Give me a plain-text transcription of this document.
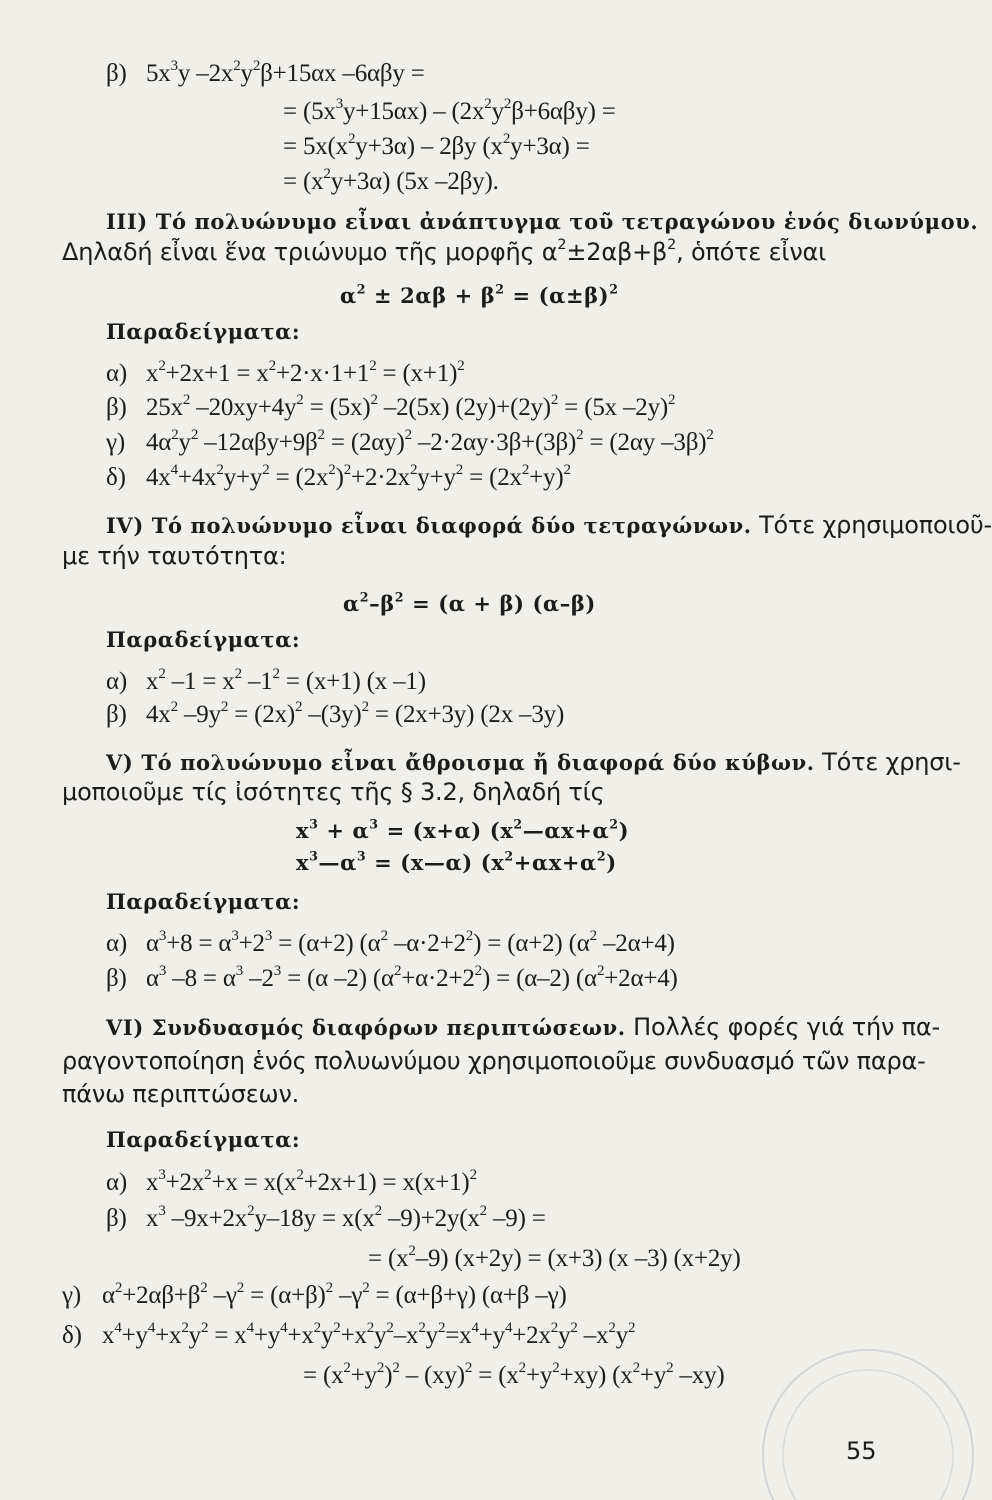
β) $5x^3y$ $-2x^2y^2\beta+15\alpha x$ –6αβy =
= $(5x^3y+15\alpha x) - (2x^2y^2\beta+6\alpha\beta y)$ =
= $5x(x^2y+3\alpha) - 2\beta y$ $(x^2y+3\alpha)$ =
= $(x^2y+3\alpha)$ (5x –2βy).
III) Τό πολυώνυμο εἶναι ἀνάπτυγμα τοῦ τετραγώνου ἑνός διωνύμου.
Δηλαδή εἶναι ἕνα τριώνυμο τῆς μορφῆς $\alpha^2\pm 2\alpha\beta+\beta^2$, ὁπότε εἶναι
$\alpha^2 \pm 2\alpha\beta + \beta^2 = (\alpha\pm\beta)^2$
Παραδείγματα:
α) $x^2+2x+1 = x^2+2\cdot x\cdot 1+1^2 = (x+1)^2$
β) $25x^2$ $-20xy+4y^2 = (5x)^2$ –2(5x) $(2y)+(2y)^2 = (5x$ –2y)$^2$
γ) $4\alpha^2y^2$ $-12\alpha\beta y+9\beta^2 = (2\alpha y)^2$ $-2\cdot 2\alpha y\cdot 3\beta+(3\beta)^2 = (2\alpha y$ –3β)$^2$
δ) $4x^4+4x^2y+y^2 = (2x^2)^2+2\cdot 2x^2y+y^2 = (2x^2+y)^2$
IV) Τό πολυώνυμο εἶναι διαφορά δύο τετραγώνων. Τότε χρησιμοποιοῦ-
με τήν ταυτότητα:
$\alpha^2-\beta^2 = (\alpha + \beta)$ (α–β)
Παραδείγματα:
α) $x^2$ $-1 = x^2$ $-1^2 = (x+1)$ (x –1)
β) $4x^2$ $-9y^2 = (2x)^2$ $-(3y)^2 = (2x+3y)$ (2x –3y)
V) Τό πολυώνυμο εἶναι ἄθροισμα ἤ διαφορά δύο κύβων. Τότε χρησι-
μοποιοῦμε τίς ἰσότητες τῆς § 3.2, δηλαδή τίς
$x^3 + \alpha^3 = (x+\alpha)$ $(x^2—\alpha x+\alpha^2)$
$x^3—\alpha^3$ = (x—α) $(x^2+\alpha x+\alpha^2)$
Παραδείγματα:
α) $\alpha^3+8 = \alpha^3+2^3 = (\alpha+2)$ ($\alpha^2$ $-\alpha\cdot 2+2^2) = (\alpha+2)$ ($\alpha^2$ –2α+4)
β) $\alpha^3$ $-8 = \alpha^3$ $-2^3 = (\alpha$ –2) $(\alpha^2+\alpha\cdot 2+2^2) = (\alpha-2)$ $(\alpha^2+2\alpha+4)$
VI) Συνδυασμός διαφόρων περιπτώσεων. Πολλές φορές γιά τήν πα-
ραγοντοποίηση ἑνός πολυωνύμου χρησιμοποιοῦμε συνδυασμό τῶν παρα-
πάνω περιπτώσεων.
Παραδείγματα:
α) $x^3+2x^2+x = x(x^2+2x+1) = x(x+1)^2$
β) $x^3$ $-9x+2x^2y-18y = x(x^2$ $-9)+2y(x^2$ –9) =
= $(x^2-9) (x+2y) = (x+3)$ (x –3) (x+2y)
γ) $\alpha^2+2\alpha\beta+\beta^2$ $-\gamma^2 = (\alpha+\beta)^2$ $-\gamma^2 = (\alpha+\beta+\gamma)$ (α+β –γ)
δ) $x^4+y^4+x^2y^2 = x^4+y^4+x^2y^2+x^2y^2-x^2y^2=x^4+y^4+2x^2y^2$ $-x^2y^2$
= $(x^2+y^2)^2 - (xy)^2 = (x^2+y^2+xy)$ ($x^2+y^2$ –xy)
55
